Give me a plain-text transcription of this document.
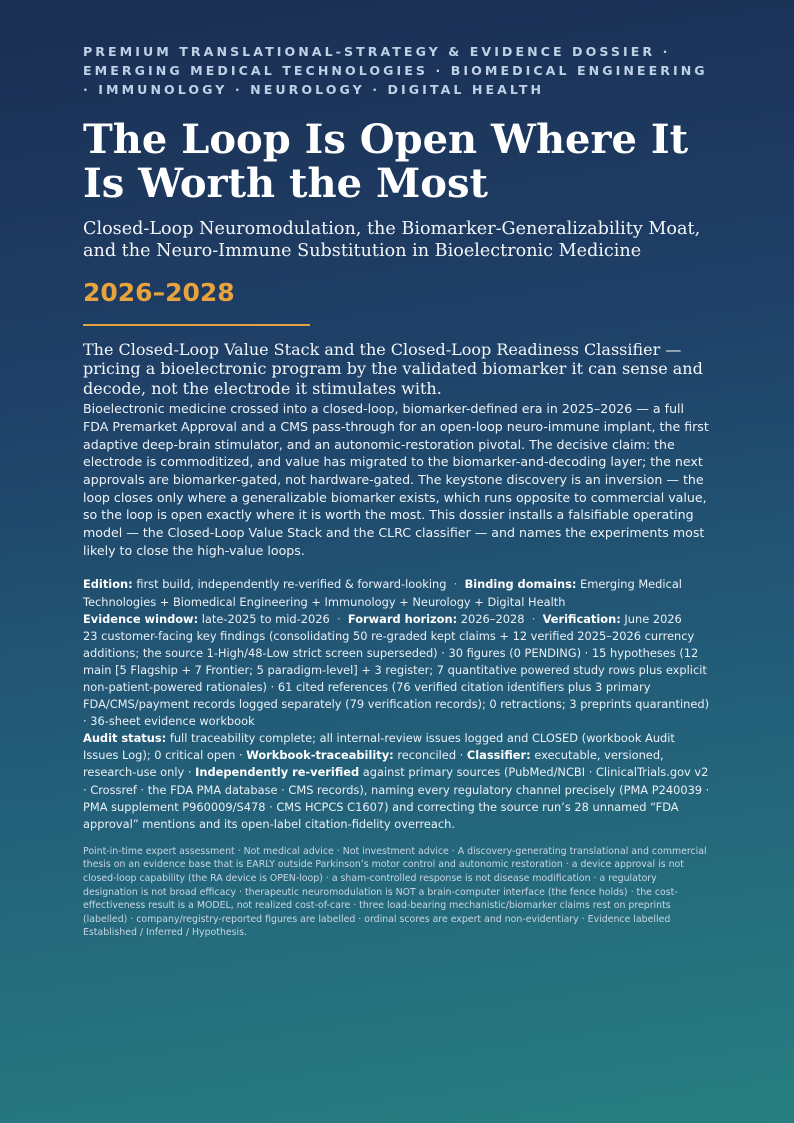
PREMIUM TRANSLATIONAL-STRATEGY & EVIDENCE DOSSIER · EMERGING MEDICAL TECHNOLOGIES · BIOMEDICAL ENGINEERING · IMMUNOLOGY · NEUROLOGY · DIGITAL HEALTH

The Loop Is Open Where It Is Worth the Most

Closed-Loop Neuromodulation, the Biomarker-Generalizability Moat, and the Neuro-Immune Substitution in Bioelectronic Medicine

2026–2028

The Closed-Loop Value Stack and the Closed-Loop Readiness Classifier — pricing a bioelectronic program by the validated biomarker it can sense and decode, not the electrode it stimulates with.

Bioelectronic medicine crossed into a closed-loop, biomarker-defined era in 2025–2026 — a full FDA Premarket Approval and a CMS pass-through for an open-loop neuro-immune implant, the first adaptive deep-brain stimulator, and an autonomic-restoration pivotal. The decisive claim: the electrode is commoditized, and value has migrated to the biomarker-and-decoding layer; the next approvals are biomarker-gated, not hardware-gated. The keystone discovery is an inversion — the loop closes only where a generalizable biomarker exists, which runs opposite to commercial value, so the loop is open exactly where it is worth the most. This dossier installs a falsifiable operating model — the Closed-Loop Value Stack and the CLRC classifier — and names the experiments most likely to close the high-value loops.

Edition: first build, independently re-verified & forward-looking · Binding domains: Emerging Medical Technologies + Biomedical Engineering + Immunology + Neurology + Digital Health

Evidence window: late-2025 to mid-2026 · Forward horizon: 2026–2028 · Verification: June 2026

23 customer-facing key findings (consolidating 50 re-graded kept claims + 12 verified 2025–2026 currency additions; the source 1-High/48-Low strict screen superseded) · 30 figures (0 PENDING) · 15 hypotheses (12 main [5 Flagship + 7 Frontier; 5 paradigm-level] + 3 register; 7 quantitative powered study rows plus explicit non-patient-powered rationales) · 61 cited references (76 verified citation identifiers plus 3 primary FDA/CMS/payment records logged separately (79 verification records); 0 retractions; 3 preprints quarantined) · 36-sheet evidence workbook

Audit status: full traceability complete; all internal-review issues logged and CLOSED (workbook Audit Issues Log); 0 critical open · Workbook-traceability: reconciled · Classifier: executable, versioned, research-use only · Independently re-verified against primary sources (PubMed/NCBI · ClinicalTrials.gov v2 · Crossref · the FDA PMA database · CMS records), naming every regulatory channel precisely (PMA P240039 · PMA supplement P960009/S478 · CMS HCPCS C1607) and correcting the source run’s 28 unnamed “FDA approval” mentions and its open-label citation-fidelity overreach.

Point-in-time expert assessment · Not medical advice · Not investment advice · A discovery-generating translational and commercial thesis on an evidence base that is EARLY outside Parkinson’s motor control and autonomic restoration · a device approval is not closed-loop capability (the RA device is OPEN-loop) · a sham-controlled response is not disease modification · a regulatory designation is not broad efficacy · therapeutic neuromodulation is NOT a brain-computer interface (the fence holds) · the cost-effectiveness result is a MODEL, not realized cost-of-care · three load-bearing mechanistic/biomarker claims rest on preprints (labelled) · company/registry-reported figures are labelled · ordinal scores are expert and non-evidentiary · Evidence labelled Established / Inferred / Hypothesis.

·
